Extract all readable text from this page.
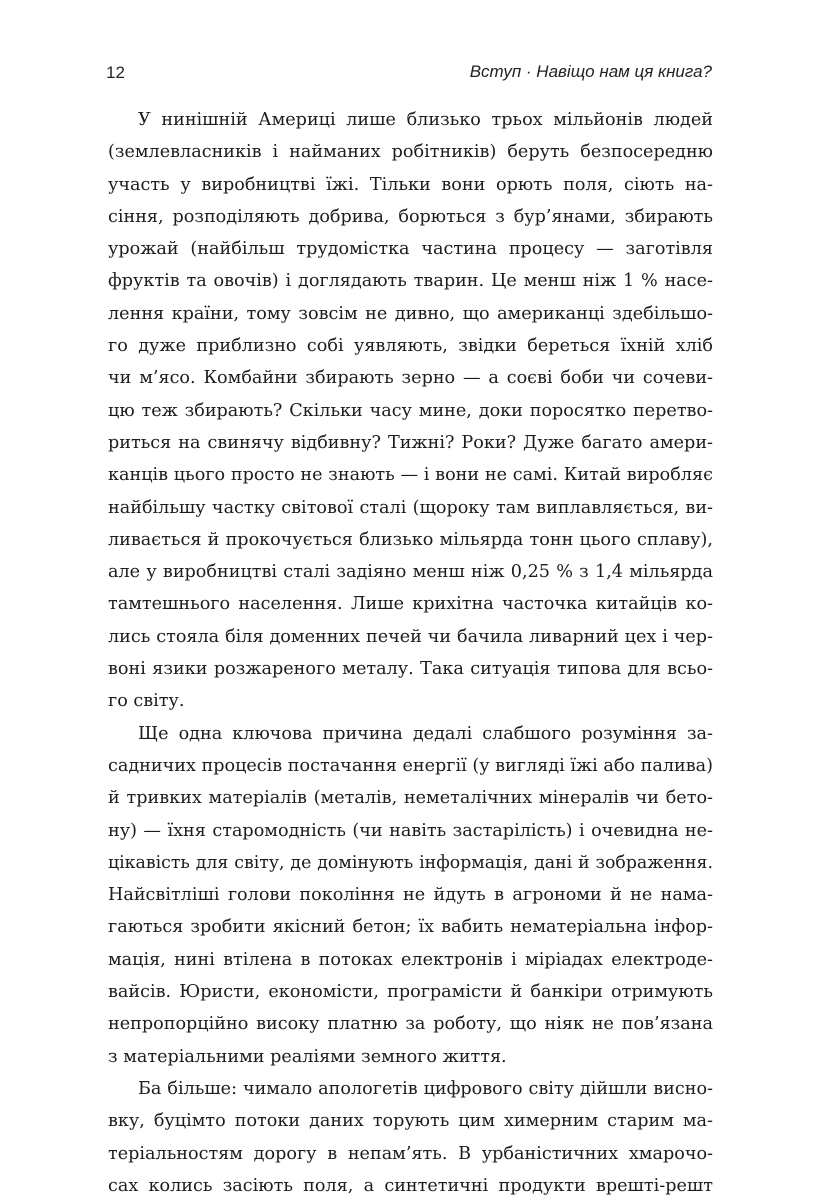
12	Вступ · Навіщо нам ця книга?
У нинішній Америці лише близько трьох мільйонів людей
(землевласників і найманих робітників) беруть безпосередню
участь у виробництві їжі. Тільки вони орють поля, сіють на-
сіння, розподіляють добрива, борються з бур’янами, збирають
урожай (найбільш трудомістка частина процесу — заготівля
фруктів та овочів) і доглядають тварин. Це менш ніж 1 % насе-
лення країни, тому зовсім не дивно, що американці здебільшо-
го дуже приблизно собі уявляють, звідки береться їхній хліб
чи м’ясо. Комбайни збирають зерно — а соєві боби чи сочеви-
цю теж збирають? Скільки часу мине, доки поросятко перетво-
риться на свинячу відбивну? Тижні? Роки? Дуже багато амери-
канців цього просто не знають — і вони не самі. Китай виробляє
найбільшу частку світової сталі (щороку там виплавляється, ви-
ливається й прокочується близько мільярда тонн цього сплаву),
але у виробництві сталі задіяно менш ніж 0,25 % з 1,4 мільярда
тамтешнього населення. Лише крихітна часточка китайців ко-
лись стояла біля доменних печей чи бачила ливарний цех і чер-
воні язики розжареного металу. Така ситуація типова для всьо-
го світу.
Ще одна ключова причина дедалі слабшого розуміння за-
садничих процесів постачання енергії (у вигляді їжі або палива)
й тривких матеріалів (металів, неметалічних мінералів чи бето-
ну) — їхня старомодність (чи навіть застарілість) і очевидна не-
цікавість для світу, де домінують інформація, дані й зображення.
Найсвітліші голови покоління не йдуть в агрономи й не нама-
гаються зробити якісний бетон; їх вабить нематеріальна інфор-
мація, нині втілена в потоках електронів і міріадах електроде-
вайсів. Юристи, економісти, програмісти й банкіри отримують
непропорційно високу платню за роботу, що ніяк не пов’язана
з матеріальними реаліями земного життя.
Ба більше: чимало апологетів цифрового світу дійшли висно-
вку, буцімто потоки даних торують цим химерним старим ма-
теріальностям дорогу в непам’ять. В урбаністичних хмарочо-
сах колись засіють поля, а синтетичні продукти врешті-решт
